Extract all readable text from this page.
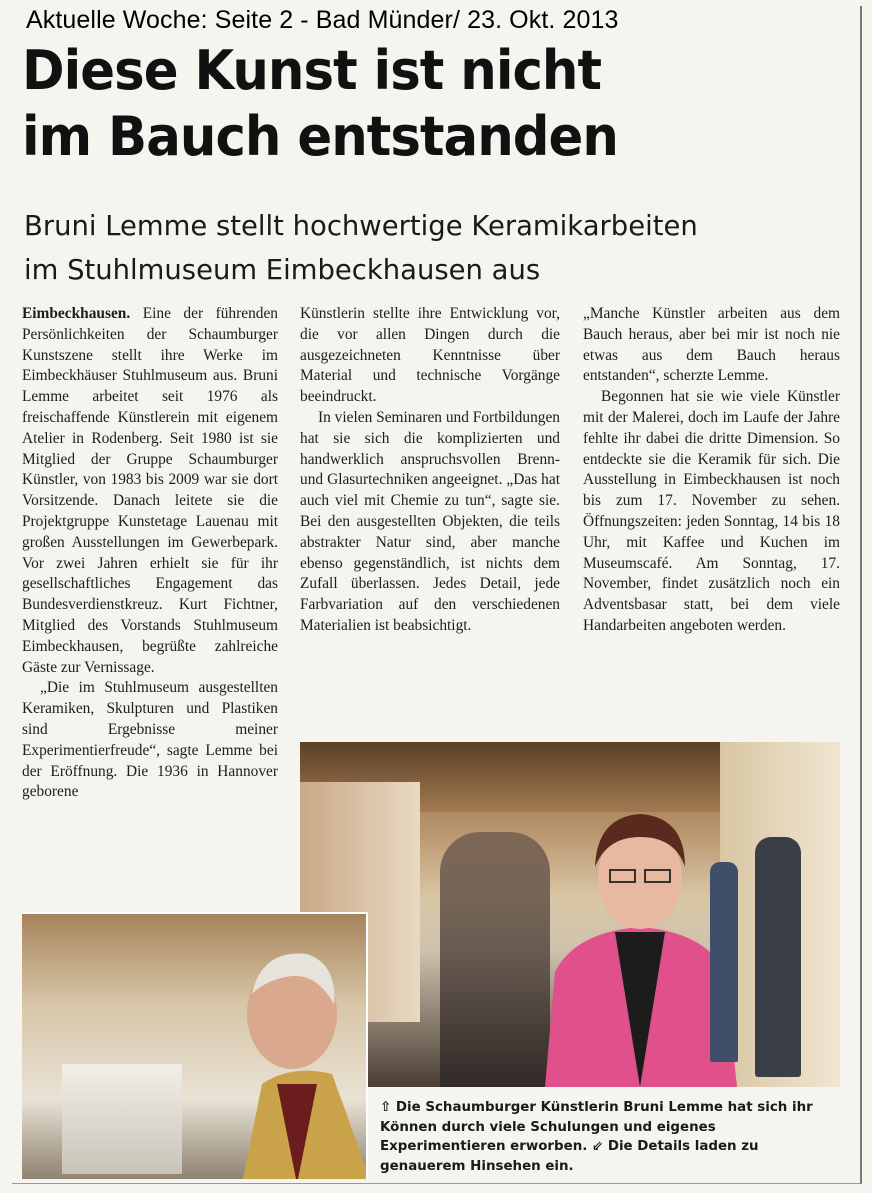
Aktuelle Woche: Seite 2 - Bad Münder/ 23. Okt. 2013
Diese Kunst ist nicht
im Bauch entstanden
Bruni Lemme stellt hochwertige Keramikarbeiten
im Stuhlmuseum Eimbeckhausen aus

Eimbeckhausen. Eine der führenden Persönlichkeiten der Schaumburger Kunstszene stellt ihre Werke im Eimbeckhäuser Stuhlmuseum aus. Bruni Lemme arbeitet seit 1976 als freischaffende Künstlerein mit eigenem Atelier in Rodenberg. Seit 1980 ist sie Mitglied der Gruppe Schaumburger Künstler, von 1983 bis 2009 war sie dort Vorsitzende. Danach leitete sie die Projektgruppe Kunstetage Lauenau mit großen Ausstellungen im Gewerbepark. Vor zwei Jahren erhielt sie für ihr gesellschaftliches Engagement das Bundesverdienstkreuz. Kurt Fichtner, Mitglied des Vorstands Stuhlmuseum Eimbeckhausen, begrüßte zahlreiche Gäste zur Vernissage.

„Die im Stuhlmuseum ausgestellten Keramiken, Skulpturen und Plastiken sind Ergebnisse meiner Experimentierfreude“, sagte Lemme bei der Eröffnung. Die 1936 in Hannover geborene

Künstlerin stellte ihre Entwicklung vor, die vor allen Dingen durch die ausgezeichneten Kenntnisse über Material und technische Vorgänge beeindruckt.

In vielen Seminaren und Fortbildungen hat sie sich die komplizierten und handwerklich anspruchsvollen Brenn- und Glasurtechniken angeeignet. „Das hat auch viel mit Chemie zu tun“, sagte sie. Bei den ausgestellten Objekten, die teils abstrakter Natur sind, aber manche ebenso gegenständlich, ist nichts dem Zufall überlassen. Jedes Detail, jede Farbvariation auf den verschiedenen Materialien ist beabsichtigt.

„Manche Künstler arbeiten aus dem Bauch heraus, aber bei mir ist noch nie etwas aus dem Bauch heraus entstanden“, scherzte Lemme.

Begonnen hat sie wie viele Künstler mit der Malerei, doch im Laufe der Jahre fehlte ihr dabei die dritte Dimension. So entdeckte sie die Keramik für sich. Die Ausstellung in Eimbeckhausen ist noch bis zum 17. November zu sehen. Öffnungszeiten: jeden Sonntag, 14 bis 18 Uhr, mit Kaffee und Kuchen im Museumscafé. Am Sonntag, 17. November, findet zusätzlich noch ein Adventsbasar statt, bei dem viele Handarbeiten angeboten werden.

⇧ Die Schaumburger Künstlerin Bruni Lemme hat sich ihr Können durch viele Schulungen und eigenes Experimentieren erworben. ⇙ Die Details laden zu genauerem Hinsehen ein.
